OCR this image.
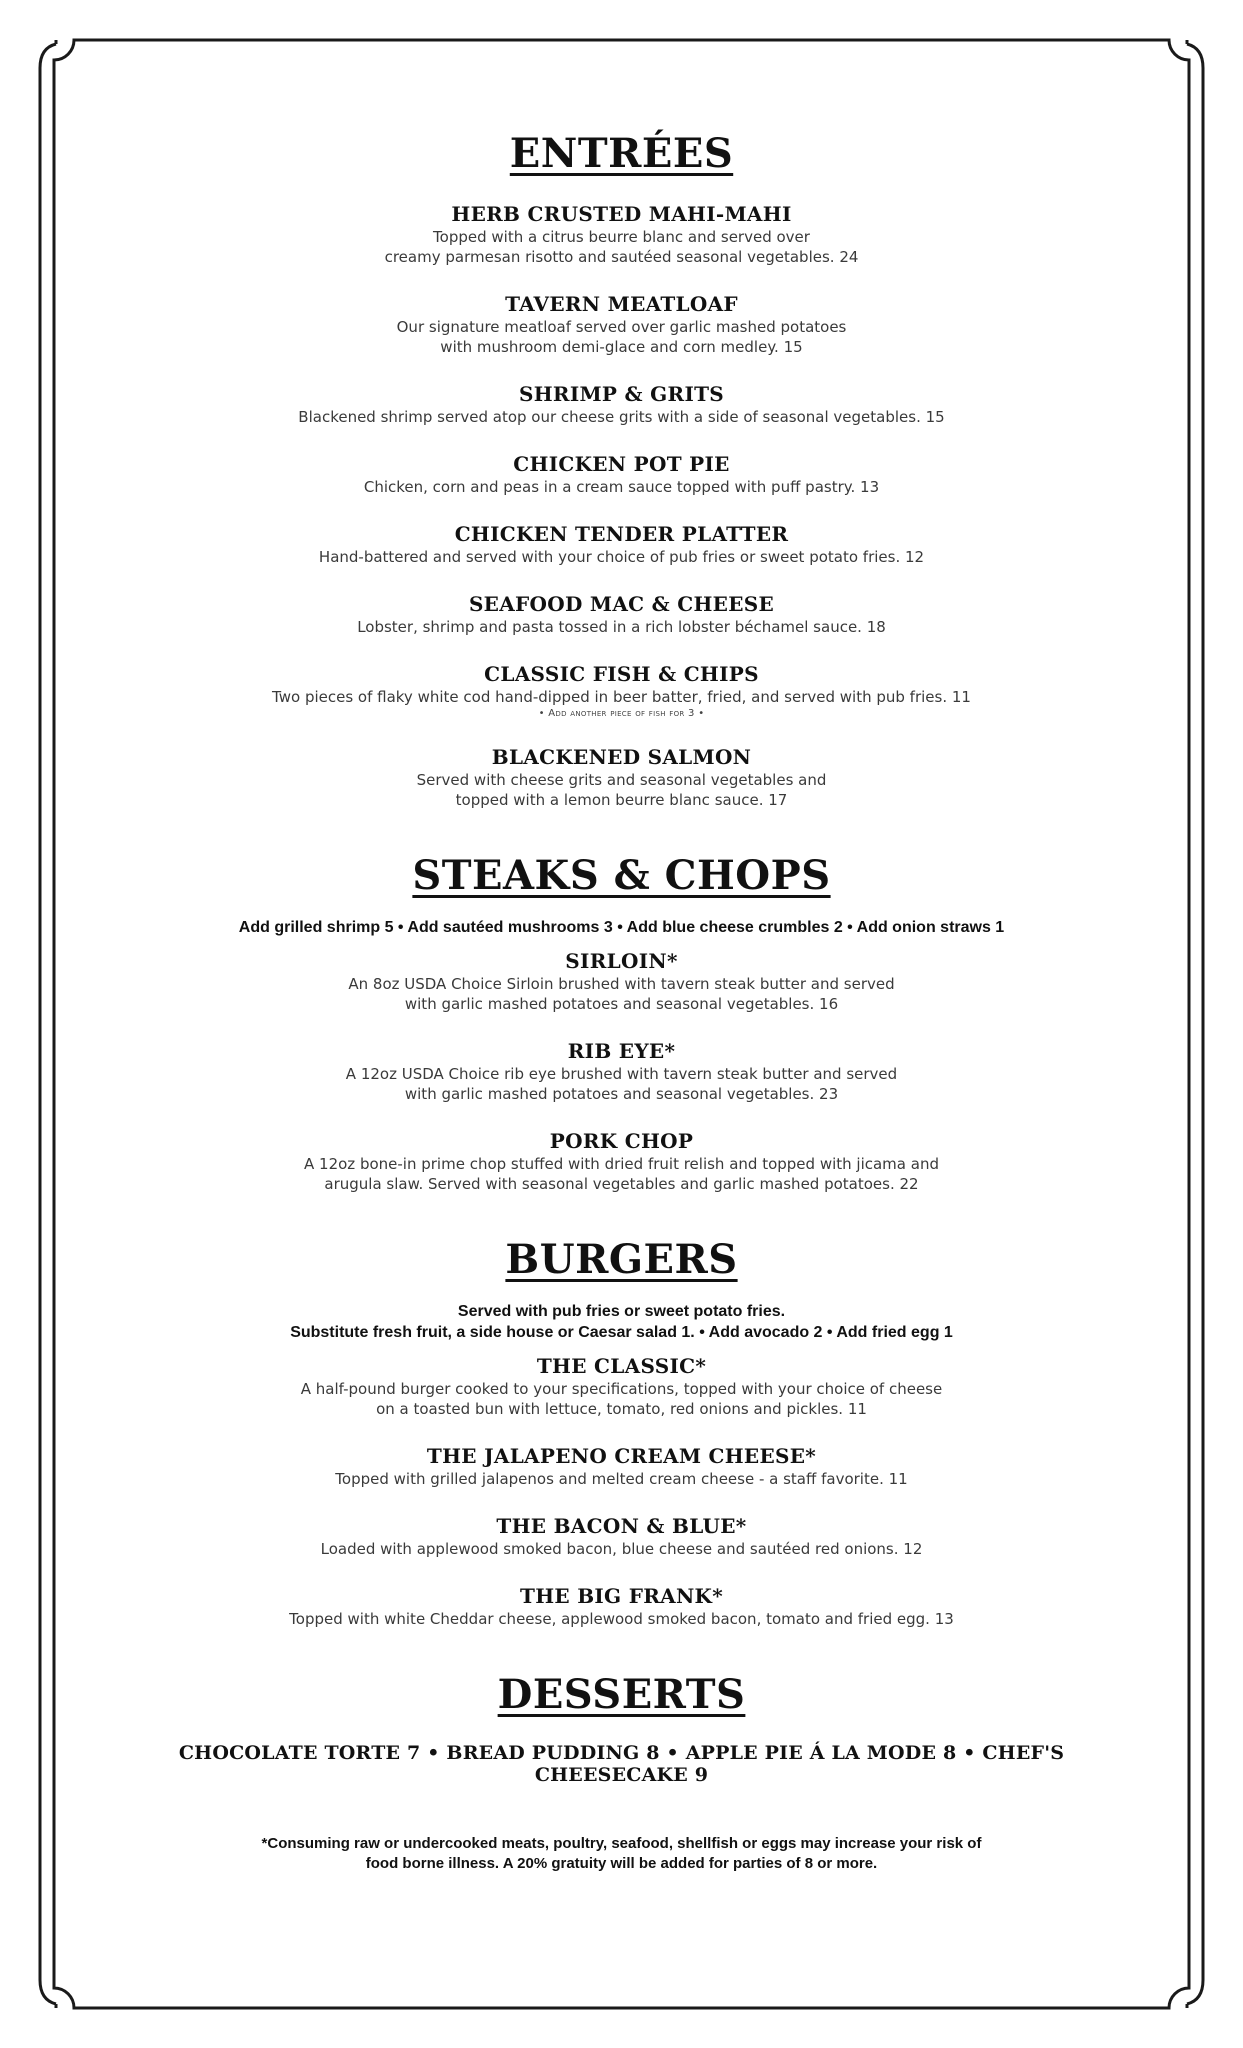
ENTRÉES
HERB CRUSTED MAHI-MAHI
Topped with a citrus beurre blanc and served over
creamy parmesan risotto and sautéed seasonal vegetables. 24
TAVERN MEATLOAF
Our signature meatloaf served over garlic mashed potatoes
with mushroom demi-glace and corn medley. 15
SHRIMP & GRITS
Blackened shrimp served atop our cheese grits with a side of seasonal vegetables. 15
CHICKEN POT PIE
Chicken, corn and peas in a cream sauce topped with puff pastry. 13
CHICKEN TENDER PLATTER
Hand-battered and served with your choice of pub fries or sweet potato fries. 12
SEAFOOD MAC & CHEESE
Lobster, shrimp and pasta tossed in a rich lobster béchamel sauce. 18
CLASSIC FISH & CHIPS
Two pieces of flaky white cod hand-dipped in beer batter, fried, and served with pub fries. 11
• Add another piece of fish for 3 •
BLACKENED SALMON
Served with cheese grits and seasonal vegetables and
topped with a lemon beurre blanc sauce. 17
STEAKS & CHOPS
Add grilled shrimp 5 • Add sautéed mushrooms 3 • Add blue cheese crumbles 2 • Add onion straws 1
SIRLOIN*
An 8oz USDA Choice Sirloin brushed with tavern steak butter and served
with garlic mashed potatoes and seasonal vegetables. 16
RIB EYE*
A 12oz USDA Choice rib eye brushed with tavern steak butter and served
with garlic mashed potatoes and seasonal vegetables. 23
PORK CHOP
A 12oz bone-in prime chop stuffed with dried fruit relish and topped with jicama and
arugula slaw. Served with seasonal vegetables and garlic mashed potatoes. 22
BURGERS
Served with pub fries or sweet potato fries.
Substitute fresh fruit, a side house or Caesar salad 1. • Add avocado 2 • Add fried egg 1
THE CLASSIC*
A half-pound burger cooked to your specifications, topped with your choice of cheese
on a toasted bun with lettuce, tomato, red onions and pickles. 11
THE JALAPENO CREAM CHEESE*
Topped with grilled jalapenos and melted cream cheese - a staff favorite. 11
THE BACON & BLUE*
Loaded with applewood smoked bacon, blue cheese and sautéed red onions. 12
THE BIG FRANK*
Topped with white Cheddar cheese, applewood smoked bacon, tomato and fried egg. 13
DESSERTS
CHOCOLATE TORTE 7 • BREAD PUDDING 8 • APPLE PIE Á LA MODE 8 • CHEF'S CHEESECAKE 9
*Consuming raw or undercooked meats, poultry, seafood, shellfish or eggs may increase your risk of
food borne illness. A 20% gratuity will be added for parties of 8 or more.
